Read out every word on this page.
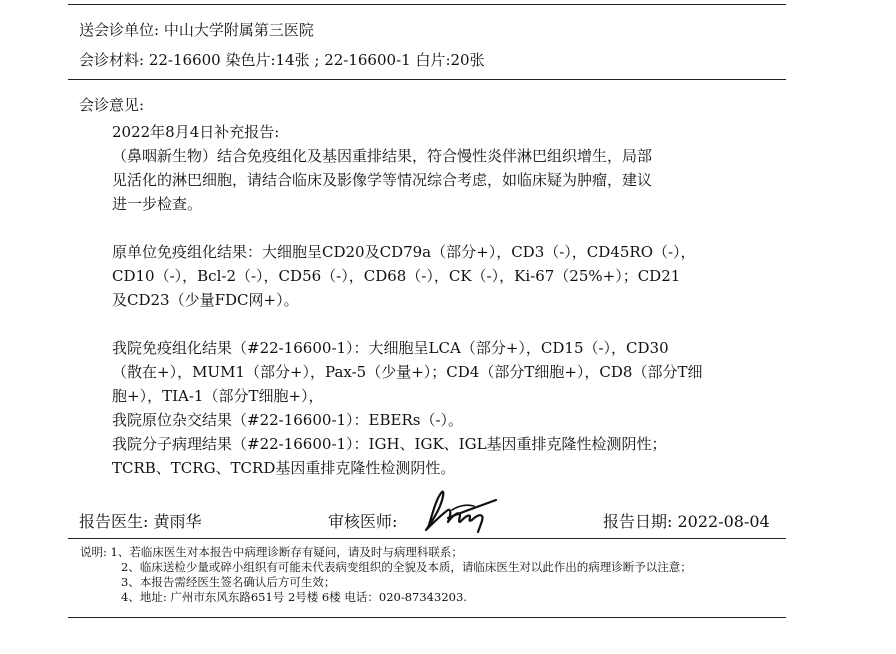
送会诊单位: 中山大学附属第三医院
会诊材料: 22-16600 染色片:14张 ; 22-16600-1 白片:20张
会诊意见:

2022年8月4日补充报告:

（鼻咽新生物）结合免疫组化及基因重排结果，符合慢性炎伴淋巴组织增生，局部

见活化的淋巴细胞，请结合临床及影像学等情况综合考虑，如临床疑为肿瘤，建议

进一步检查。

原单位免疫组化结果：大细胞呈CD20及CD79a（部分+），CD3（-），CD45RO（-），

CD10（-），Bcl-2（-），CD56（-），CD68（-），CK（-），Ki-67（25%+）；CD21

及CD23（少量FDC网+）。

我院免疫组化结果（#22-16600-1）：大细胞呈LCA（部分+），CD15（-），CD30

（散在+），MUM1（部分+），Pax-5（少量+）；CD4（部分T细胞+），CD8（部分T细

胞+），TIA-1（部分T细胞+），

我院原位杂交结果（#22-16600-1）：EBERs（-）。

我院分子病理结果（#22-16600-1）：IGH、IGK、IGL基因重排克隆性检测阴性；

TCRB、TCRG、TCRD基因重排克隆性检测阴性。

报告医生: 黄雨华	审核医师:	报告日期: 2022-08-04
说明: 1、若临床医生对本报告中病理诊断存有疑问，请及时与病理科联系；
2、临床送检少量或碎小组织有可能未代表病变组织的全貌及本质，请临床医生对以此作出的病理诊断予以注意；
3、本报告需经医生签名确认后方可生效；
4、地址: 广州市东风东路651号 2号楼 6楼 电话：020-87343203.
